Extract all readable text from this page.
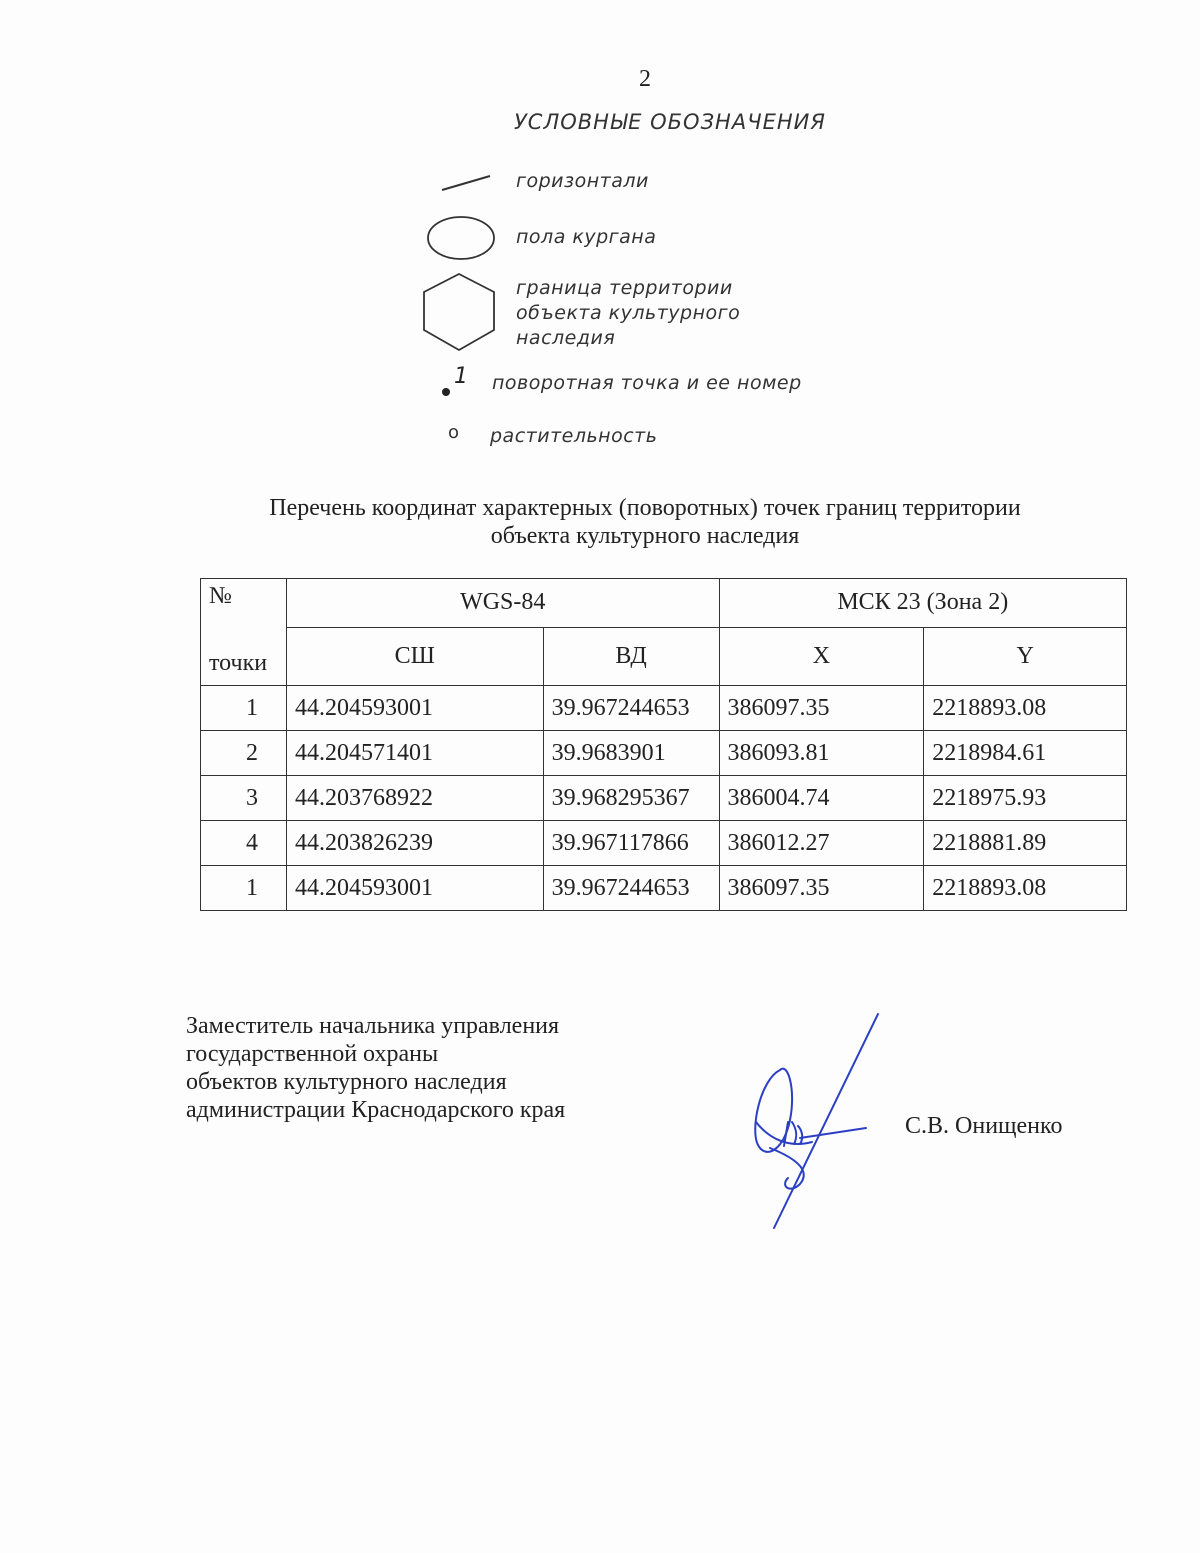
2
УСЛОВНЫЕ ОБОЗНАЧЕНИЯ
горизонтали
пола кургана
граница территории
объекта культурного
наследия
1 поворотная точка и ее номер
o растительность
Перечень координат характерных (поворотных) точек границ территории
объекта культурного наследия
№	WGS-84		МСК 23 (Зона 2)	
точки	СШ	ВД	X	Y
1	44.204593001	39.967244653	386097.35	2218893.08
2	44.204571401	39.9683901	386093.81	2218984.61
3	44.203768922	39.968295367	386004.74	2218975.93
4	44.203826239	39.967117866	386012.27	2218881.89
1	44.204593001	39.967244653	386097.35	2218893.08
Заместитель начальника управления
государственной охраны
объектов культурного наследия
администрации Краснодарского края
С.В. Онищенко
